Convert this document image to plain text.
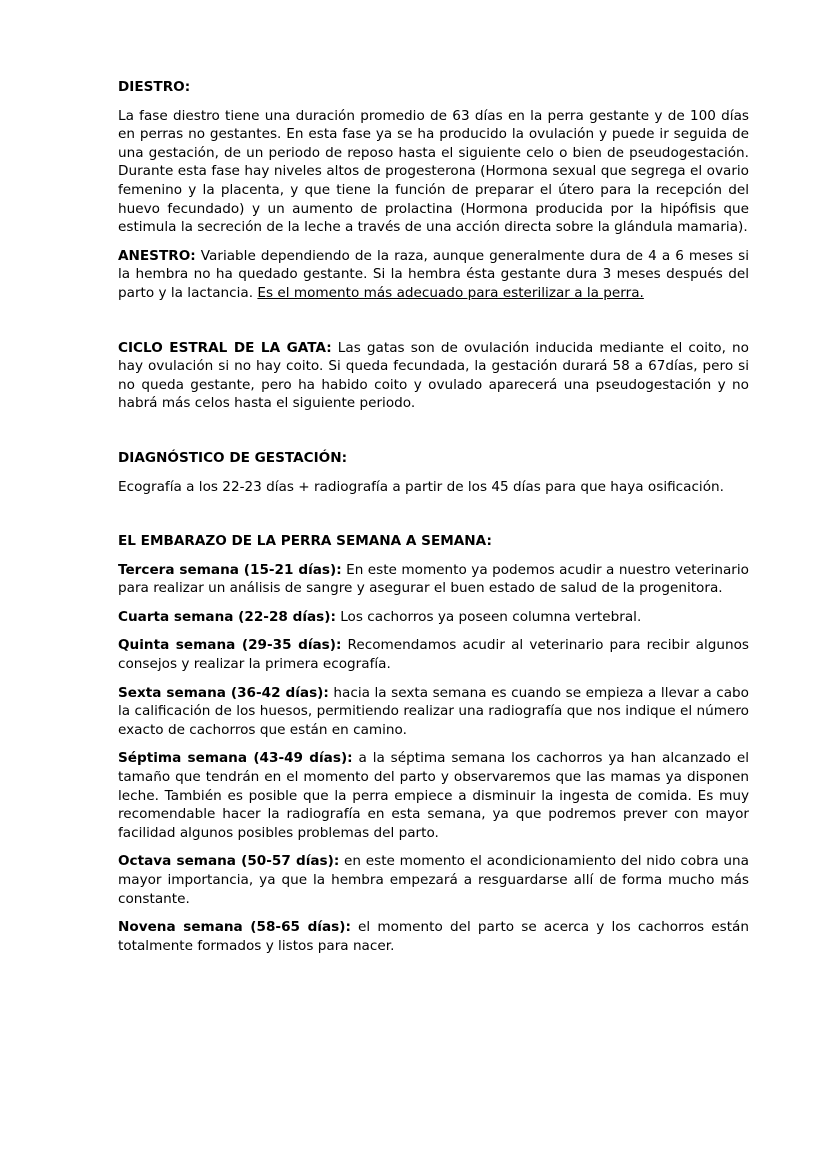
DIESTRO:

La fase diestro tiene una duración promedio de 63 días en la perra gestante y de 100 días en perras no gestantes. En esta fase ya se ha producido la ovulación y puede ir seguida de una gestación, de un periodo de reposo hasta el siguiente celo o bien de pseudogestación. Durante esta fase hay niveles altos de progesterona (Hormona sexual que segrega el ovario femenino y la placenta, y que tiene la función de preparar el útero para la recepción del huevo fecundado) y un aumento de prolactina (Hormona producida por la hipófisis que estimula la secreción de la leche a través de una acción directa sobre la glándula mamaria).

ANESTRO: Variable dependiendo de la raza, aunque generalmente dura de 4 a 6 meses si la hembra no ha quedado gestante. Si la hembra ésta gestante dura 3 meses después del parto y la lactancia. Es el momento más adecuado para esterilizar a la perra.

CICLO ESTRAL DE LA GATA: Las gatas son de ovulación inducida mediante el coito, no hay ovulación si no hay coito. Si queda fecundada, la gestación durará 58 a 67días, pero si no queda gestante, pero ha habido coito y ovulado aparecerá una pseudogestación y no habrá más celos hasta el siguiente periodo.

DIAGNÓSTICO DE GESTACIÓN:

Ecografía a los 22-23 días + radiografía a partir de los 45 días para que haya osificación.

EL EMBARAZO DE LA PERRA SEMANA A SEMANA:

Tercera semana (15-21 días): En este momento ya podemos acudir a nuestro veterinario para realizar un análisis de sangre y asegurar el buen estado de salud de la progenitora.

Cuarta semana (22-28 días): Los cachorros ya poseen columna vertebral.

Quinta semana (29-35 días): Recomendamos acudir al veterinario para recibir algunos consejos y realizar la primera ecografía.

Sexta semana (36-42 días): hacia la sexta semana es cuando se empieza a llevar a cabo la calificación de los huesos, permitiendo realizar una radiografía que nos indique el número exacto de cachorros que están en camino.

Séptima semana (43-49 días): a la séptima semana los cachorros ya han alcanzado el tamaño que tendrán en el momento del parto y observaremos que las mamas ya disponen leche. También es posible que la perra empiece a disminuir la ingesta de comida. Es muy recomendable hacer la radiografía en esta semana, ya que podremos prever con mayor facilidad algunos posibles problemas del parto.

Octava semana (50-57 días): en este momento el acondicionamiento del nido cobra una mayor importancia, ya que la hembra empezará a resguardarse allí de forma mucho más constante.

Novena semana (58-65 días): el momento del parto se acerca y los cachorros están totalmente formados y listos para nacer.
